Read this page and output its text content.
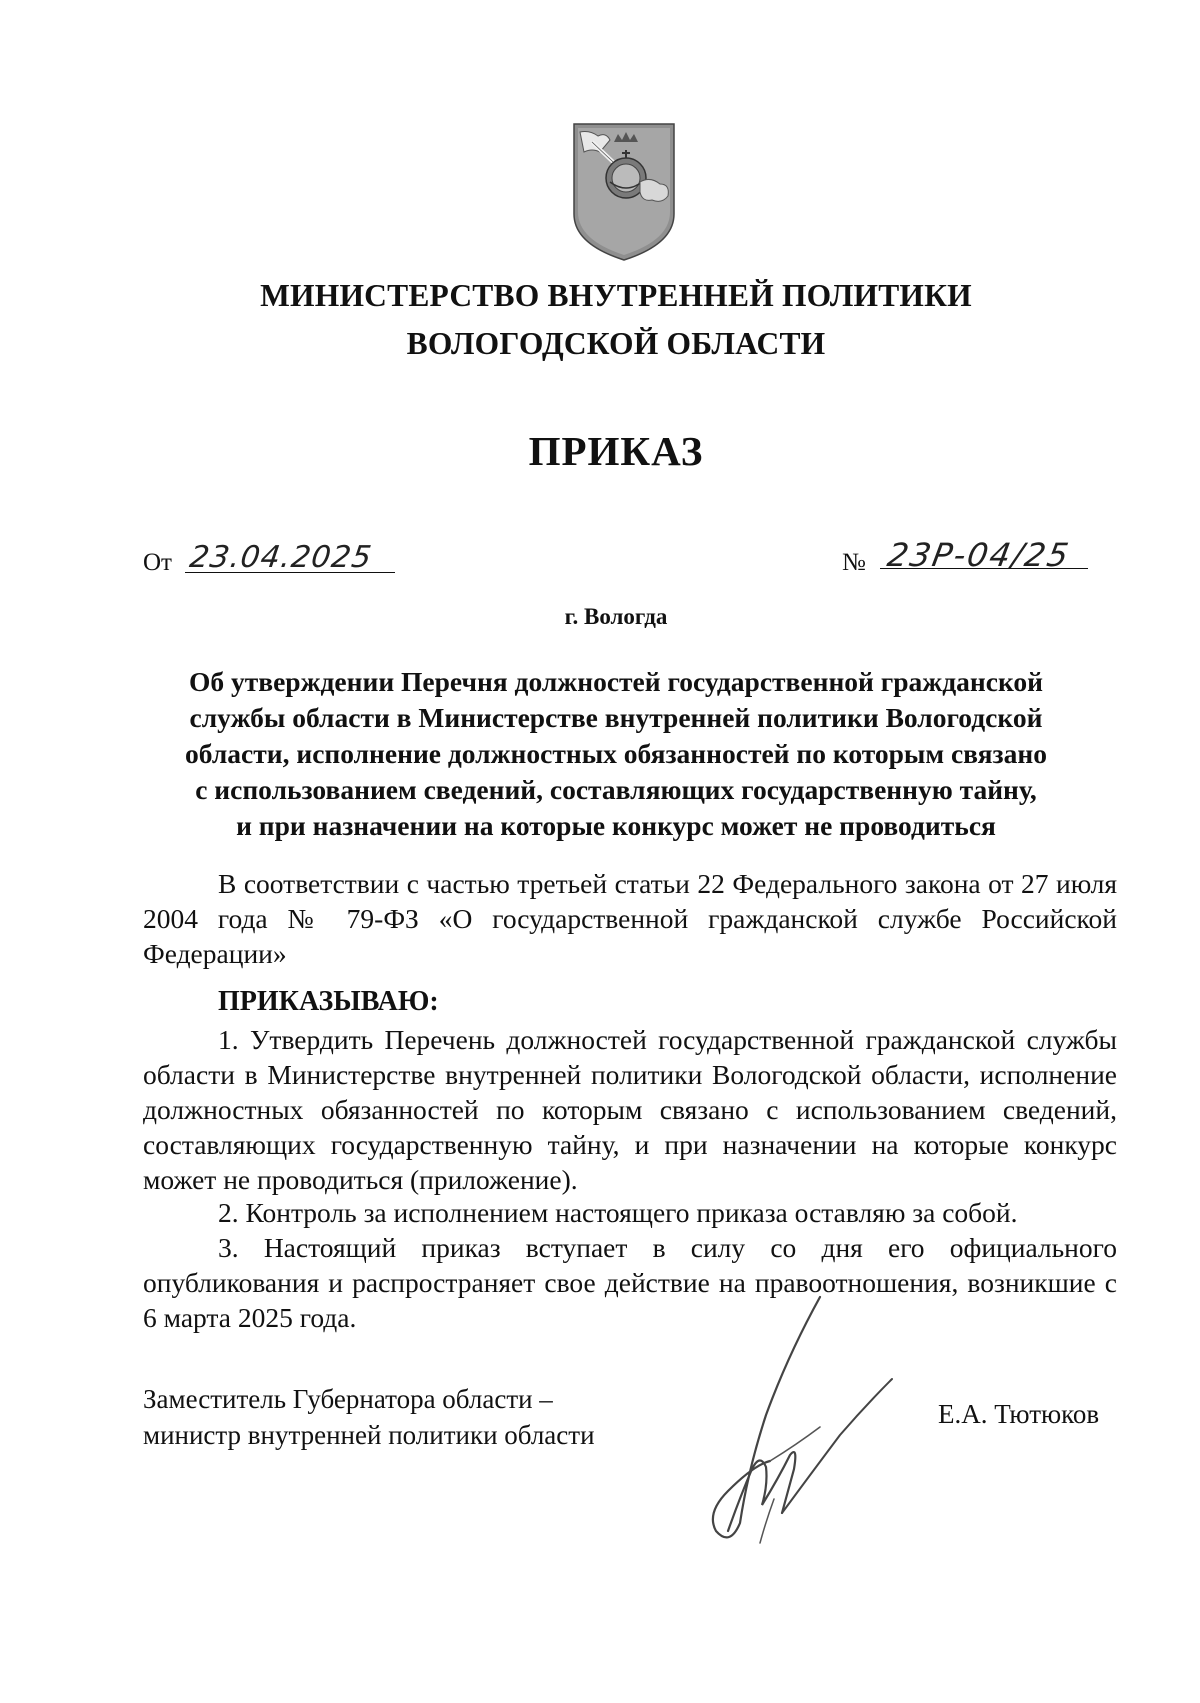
МИНИСТЕРСТВО ВНУТРЕННЕЙ ПОЛИТИКИ
ВОЛОГОДСКОЙ ОБЛАСТИ
ПРИКАЗ
От 23.04.2025	№ 23Р-04/25
г. Вологда
Об утверждении Перечня должностей государственной гражданской
службы области в Министерстве внутренней политики Вологодской
области, исполнение должностных обязанностей по которым связано
с использованием сведений, составляющих государственную тайну,
и при назначении на которые конкурс может не проводиться

В соответствии с частью третьей статьи 22 Федерального закона от 27 июля 2004 года № 79-ФЗ «О государственной гражданской службе Российской Федерации»

ПРИКАЗЫВАЮ:

1. Утвердить Перечень должностей государственной гражданской службы области в Министерстве внутренней политики Вологодской области, исполнение должностных обязанностей по которым связано с использованием сведений, составляющих государственную тайну, и при назначении на которые конкурс может не проводиться (приложение).

2. Контроль за исполнением настоящего приказа оставляю за собой.

3. Настоящий приказ вступает в силу со дня его официального опубликования и распространяет свое действие на правоотношения, возникшие с 6 марта 2025 года.

Заместитель Губернатора области –
министр внутренней политики области
Е.А. Тютюков
